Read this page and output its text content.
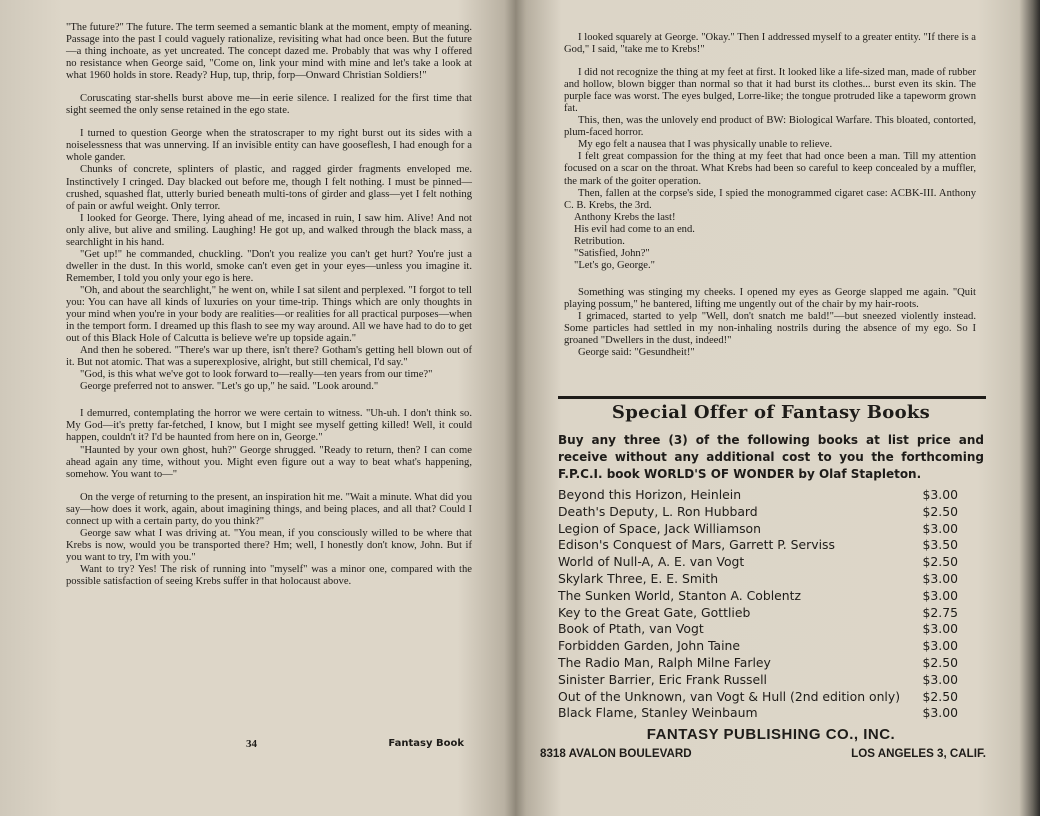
"The future?" The future. The term seemed a semantic blank at the moment, empty of meaning. Passage into the past I could vaguely rationalize, revisiting what had once been. But the future—a thing inchoate, as yet uncreated. The concept dazed me. Probably that was why I offered no resistance when George said, "Come on, link your mind with mine and let's take a look at what 1960 holds in store. Ready? Hup, tup, thrip, forp—Onward Christian Soldiers!"

Coruscating star-shells burst above me—in eerie silence. I realized for the first time that sight seemed the only sense retained in the ego state.

I turned to question George when the stratoscraper to my right burst out its sides with a noiselessness that was unnerving. If an invisible entity can have gooseflesh, I had enough for a whole gander.

Chunks of concrete, splinters of plastic, and ragged girder fragments enveloped me. Instinctively I cringed. Day blacked out before me, though I felt nothing. I must be pinned—crushed, squashed flat, utterly buried beneath multi-tons of girder and glass—yet I felt nothing of pain or awful weight. Only terror.

I looked for George. There, lying ahead of me, incased in ruin, I saw him. Alive! And not only alive, but alive and smiling. Laughing! He got up, and walked through the black mass, a searchlight in his hand.

"Get up!" he commanded, chuckling. "Don't you realize you can't get hurt? You're just a dweller in the dust. In this world, smoke can't even get in your eyes—unless you imagine it. Remember, I told you only your ego is here.

"Oh, and about the searchlight," he went on, while I sat silent and perplexed. "I forgot to tell you: You can have all kinds of luxuries on your time-trip. Things which are only thoughts in your mind when you're in your body are realities—or realities for all practical purposes—when in the temport form. I dreamed up this flash to see my way around. All we have had to do to get out of this Black Hole of Calcutta is believe we're up topside again."

And then he sobered. "There's war up there, isn't there? Gotham's getting hell blown out of it. But not atomic. That was a superexplosive, alright, but still chemical, I'd say."

"God, is this what we've got to look forward to—really—ten years from our time?"

George preferred not to answer. "Let's go up," he said. "Look around."

I demurred, contemplating the horror we were certain to witness. "Uh-uh. I don't think so. My God—it's pretty far-fetched, I know, but I might see myself getting killed! Well, it could happen, couldn't it? I'd be haunted from here on in, George."

"Haunted by your own ghost, huh?" George shrugged. "Ready to return, then? I can come ahead again any time, without you. Might even figure out a way to beat what's happening, somehow. You want to—"

On the verge of returning to the present, an inspiration hit me. "Wait a minute. What did you say—how does it work, again, about imagining things, and being places, and all that? Could I connect up with a certain party, do you think?"

George saw what I was driving at. "You mean, if you consciously willed to be where that Krebs is now, would you be transported there? Hm; well, I honestly don't know, John. But if you want to try, I'm with you."

Want to try? Yes! The risk of running into "myself" was a minor one, compared with the possible satisfaction of seeing Krebs suffer in that holocaust above.

34	Fantasy Book

I looked squarely at George. "Okay." Then I addressed myself to a greater entity. "If there is a God," I said, "take me to Krebs!"

I did not recognize the thing at my feet at first. It looked like a life-sized man, made of rubber and hollow, blown bigger than normal so that it had burst its clothes... burst even its skin. The purple face was worst. The eyes bulged, Lorre-like; the tongue protruded like a tapeworm grown fat.

This, then, was the unlovely end product of BW: Biological Warfare. This bloated, contorted, plum-faced horror.

My ego felt a nausea that I was physically unable to relieve.

I felt great compassion for the thing at my feet that had once been a man. Till my attention focused on a scar on the throat. What Krebs had been so careful to keep concealed by a muffler, the mark of the goiter operation.

Then, fallen at the corpse's side, I spied the monogrammed cigaret case: ACBK-III. Anthony C. B. Krebs, the 3rd.

Anthony Krebs the last!

His evil had come to an end.

Retribution.

"Satisfied, John?"

"Let's go, George."

Something was stinging my cheeks. I opened my eyes as George slapped me again. "Quit playing possum," he bantered, lifting me ungently out of the chair by my hair-roots.

I grimaced, started to yelp "Well, don't snatch me bald!"—but sneezed violently instead. Some particles had settled in my non-inhaling nostrils during the absence of my ego. So I groaned "Dwellers in the dust, indeed!"

George said: "Gesundheit!"

Special Offer of Fantasy Books
Buy any three (3) of the following books at list price and receive without any additional cost to you the forthcoming F.P.C.I. book WORLD'S OF WONDER by Olaf Stapleton.
Beyond this Horizon, Heinlein	$3.00
Death's Deputy, L. Ron Hubbard	$2.50
Legion of Space, Jack Williamson	$3.00
Edison's Conquest of Mars, Garrett P. Serviss	$3.50
World of Null-A, A. E. van Vogt	$2.50
Skylark Three, E. E. Smith	$3.00
The Sunken World, Stanton A. Coblentz	$3.00
Key to the Great Gate, Gottlieb	$2.75
Book of Ptath, van Vogt	$3.00
Forbidden Garden, John Taine	$3.00
The Radio Man, Ralph Milne Farley	$2.50
Sinister Barrier, Eric Frank Russell	$3.00
Out of the Unknown, van Vogt & Hull (2nd edition only) $2.50
Black Flame, Stanley Weinbaum	$3.00
FANTASY PUBLISHING CO., INC.
8318 AVALON BOULEVARD	LOS ANGELES 3, CALIF.
